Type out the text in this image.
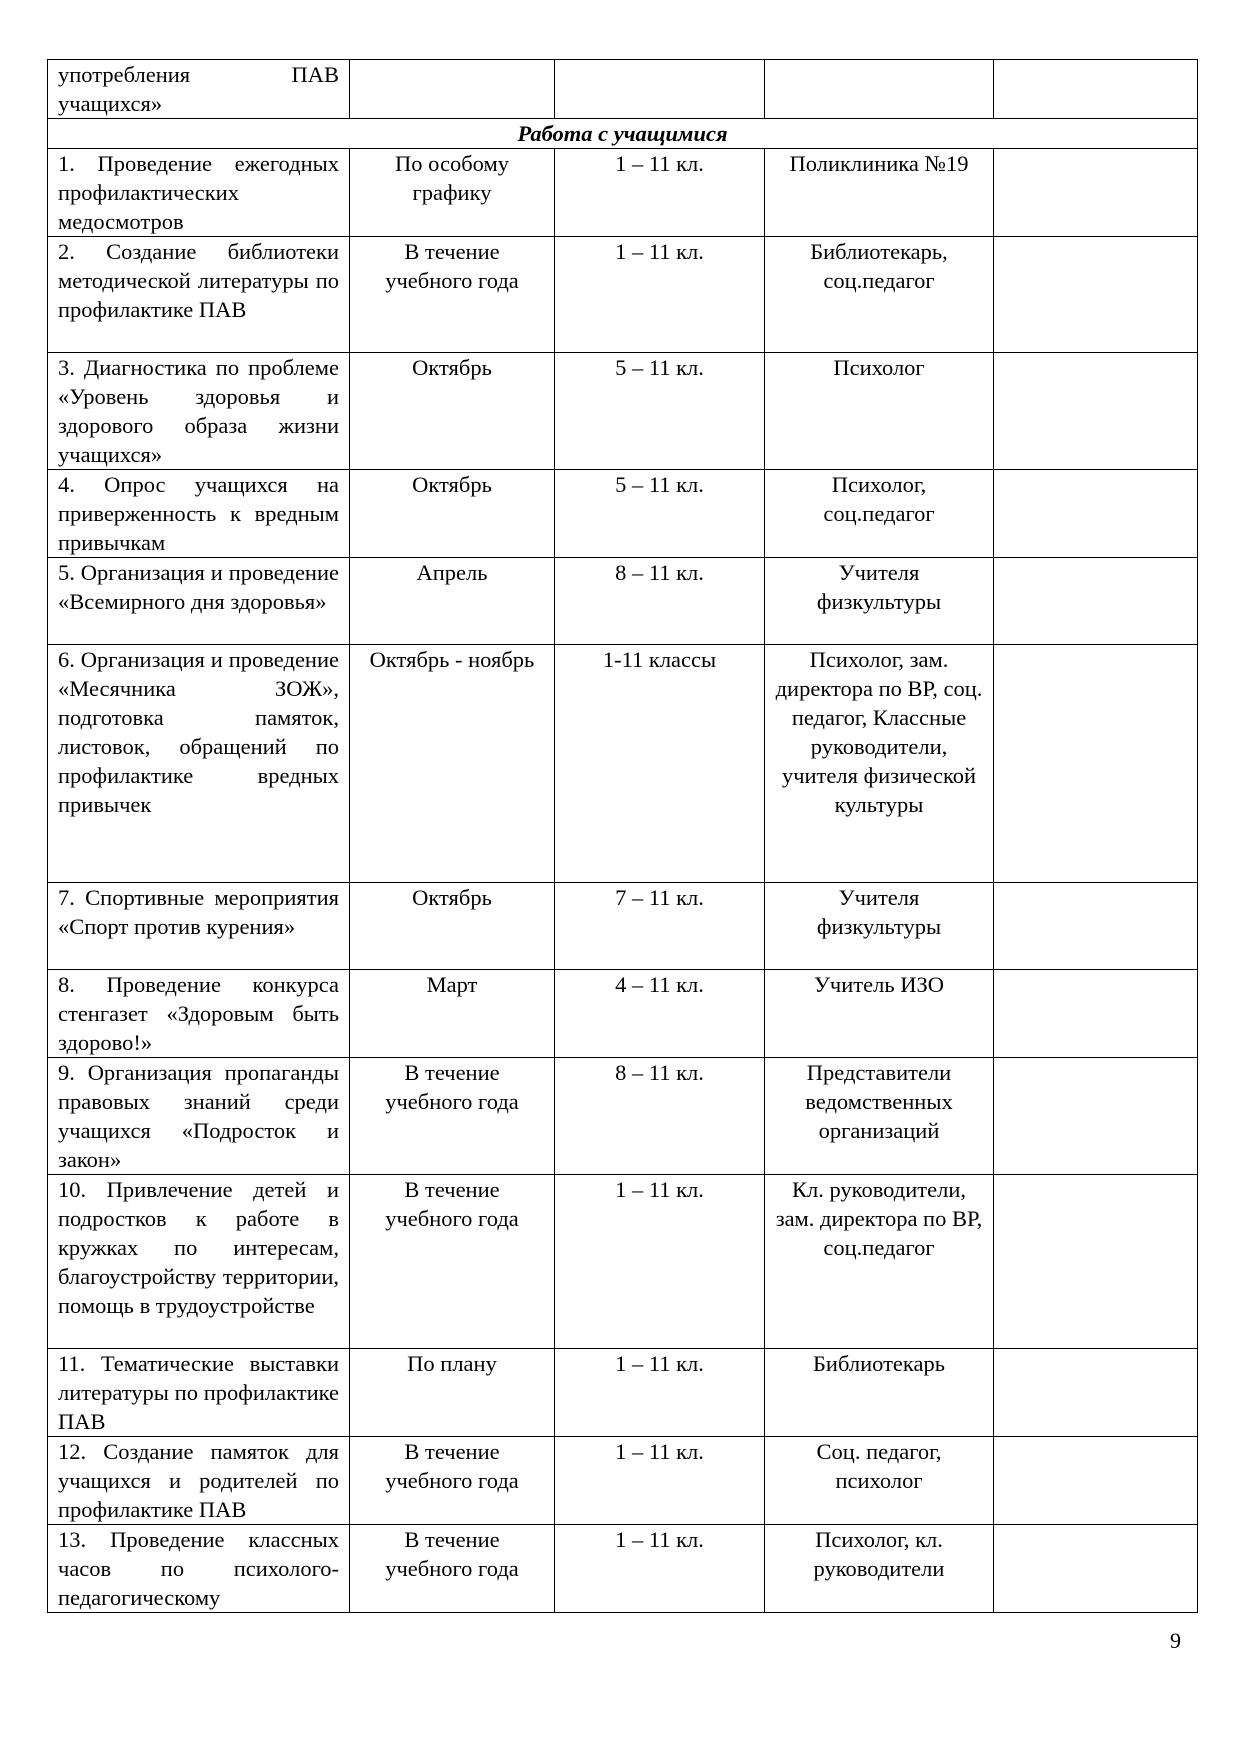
употребления ПАВ учащихся»				
Работа с учащимися				
1. Проведение ежегодных профилактических медосмотров	По особому графику	1 – 11 кл.	Поликлиника №19	
2. Создание библиотеки методической литературы по профилактике ПАВ	В течение учебного года	1 – 11 кл.	Библиотекарь, соц.педагог	
3. Диагностика по проблеме «Уровень здоровья и здорового образа жизни учащихся»	Октябрь	5 – 11 кл.	Психолог	
4. Опрос учащихся на приверженность к вредным привычкам	Октябрь	5 – 11 кл.	Психолог, соц.педагог	
5. Организация и проведение «Всемирного дня здоровья»	Апрель	8 – 11 кл.	Учителя физкультуры	
6. Организация и проведение «Месячника ЗОЖ», подготовка памяток, листовок, обращений по профилактике вредных привычек	Октябрь - ноябрь	1-11 классы	Психолог, зам. директора по ВР, соц. педагог, Классные руководители, учителя физической культуры	
7. Спортивные мероприятия «Спорт против курения»	Октябрь	7 – 11 кл.	Учителя физкультуры	
8. Проведение конкурса стенгазет «Здоровым быть здорово!»	Март	4 – 11 кл.	Учитель ИЗО	
9. Организация пропаганды правовых знаний среди учащихся «Подросток и закон»	В течение учебного года	8 – 11 кл.	Представители ведомственных организаций	
10. Привлечение детей и подростков к работе в кружках по интересам, благоустройству территории, помощь в трудоустройстве	В течение учебного года	1 – 11 кл.	Кл. руководители, зам. директора по ВР, соц.педагог	
11. Тематические выставки литературы по профилактике ПАВ	По плану	1 – 11 кл.	Библиотекарь	
12. Создание памяток для учащихся и родителей по профилактике ПАВ	В течение учебного года	1 – 11 кл.	Соц. педагог, психолог	
13. Проведение классных часов по психолого-педагогическому	В течение учебного года	1 – 11 кл.	Психолог, кл. руководители	
9
